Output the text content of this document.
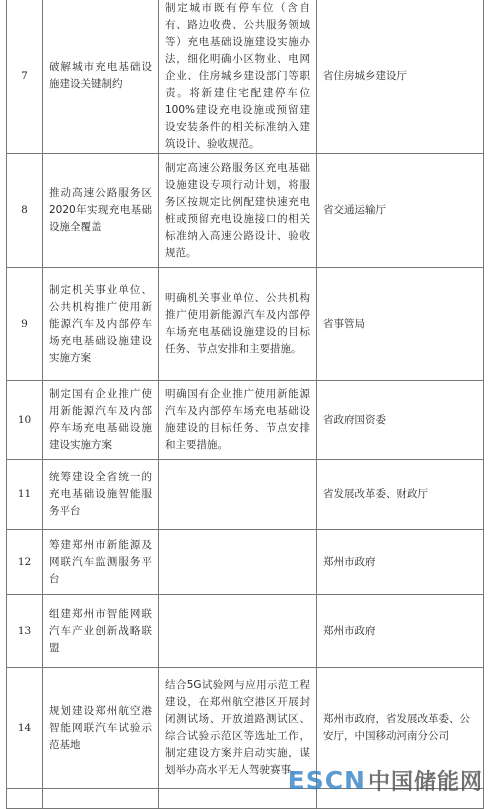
7	破解城市充电基础设施建设关键制约	制定城市既有停车位（含自有、路边收费、公共服务领域等）充电基础设施建设实施办法，细化明确小区物业、电网企业、住房城乡建设部门等职责。将新建住宅配建停车位100%建设充电设施或预留建设安装条件的相关标准纳入建筑设计、验收规范。	省住房城乡建设厅
8	推动高速公路服务区2020年实现充电基础设施全覆盖	制定高速公路服务区充电基础设施建设专项行动计划，将服务区按规定比例配建快速充电桩或预留充电设施接口的相关标准纳入高速公路设计、验收规范。	省交通运输厅
9	制定机关事业单位、公共机构推广使用新能源汽车及内部停车场充电基础设施建设实施方案	明确机关事业单位、公共机构推广使用新能源汽车及内部停车场充电基础设施建设的目标任务、节点安排和主要措施。	省事管局
10	制定国有企业推广使用新能源汽车及内部停车场充电基础设施建设实施方案	明确国有企业推广使用新能源汽车及内部停车场充电基础设施建设的目标任务、节点安排和主要措施。	省政府国资委
11	统筹建设全省统一的充电基础设施智能服务平台		省发展改革委、财政厅
12	筹建郑州市新能源及网联汽车监测服务平台		郑州市政府
13	组建郑州市智能网联汽车产业创新战略联盟		郑州市政府
14	规划建设郑州航空港智能网联汽车试验示范基地	结合5G试验网与应用示范工程建设，在郑州航空港区开展封闭测试场、开放道路测试区、综合试验示范区等选址工作，制定建设方案并启动实施，谋划举办高水平无人驾驶赛事。	郑州市政府，省发展改革委、公安厅，中国移动河南分公司

ESCN 中国储能网
